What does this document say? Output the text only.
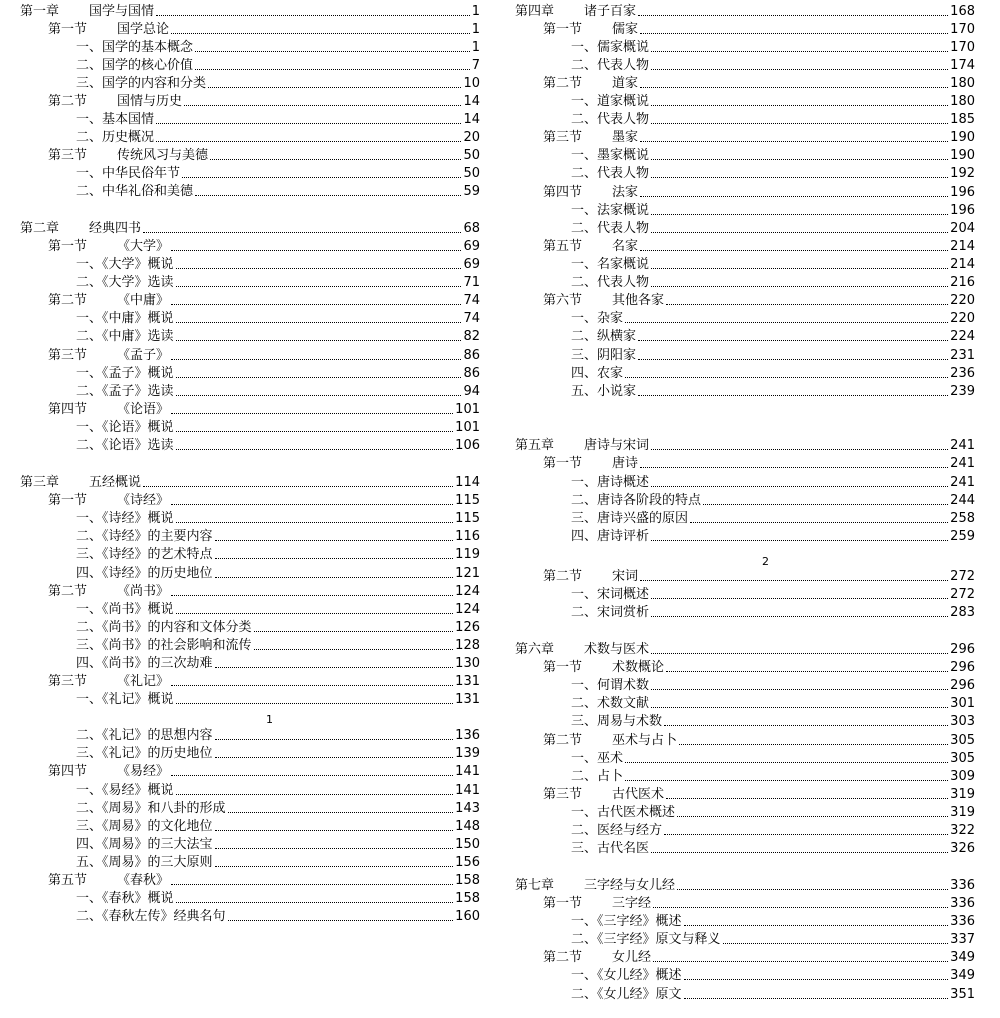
第一章 国学与国情	1
第一节 国学总论	1
一、国学的基本概念	1
二、国学的核心价值	7
三、国学的内容和分类	10
第二节 国情与历史	14
一、基本国情	14
二、历史概况	20
第三节 传统风习与美德	50
一、中华民俗年节	50
二、中华礼俗和美德	59
第二章 经典四书	68
第一节 《大学》	69
一、《大学》概说	69
二、《大学》选读	71
第二节 《中庸》	74
一、《中庸》概说	74
二、《中庸》选读	82
第三节 《孟子》	86
一、《孟子》概说	86
二、《孟子》选读	94
第四节 《论语》	101
一、《论语》概说	101
二、《论语》选读	106
第三章 五经概说	114
第一节 《诗经》	115
一、《诗经》概说	115
二、《诗经》的主要内容	116
三、《诗经》的艺术特点	119
四、《诗经》的历史地位	121
第二节 《尚书》	124
一、《尚书》概说	124
二、《尚书》的内容和文体分类	126
三、《尚书》的社会影响和流传	128
四、《尚书》的三次劫难	130
第三节 《礼记》	131
一、《礼记》概说	131
二、《礼记》的思想内容	136
三、《礼记》的历史地位	139
第四节 《易经》	141
一、《易经》概说	141
二、《周易》和八卦的形成	143
三、《周易》的文化地位	148
四、《周易》的三大法宝	150
五、《周易》的三大原则	156
第五节 《春秋》	158
一、《春秋》概说	158
二、《春秋左传》经典名句	160
第四章 诸子百家	168
第一节 儒家	170
一、儒家概说	170
二、代表人物	174
第二节 道家	180
一、道家概说	180
二、代表人物	185
第三节 墨家	190
一、墨家概说	190
二、代表人物	192
第四节 法家	196
一、法家概说	196
二、代表人物	204
第五节 名家	214
一、名家概说	214
二、代表人物	216
第六节 其他各家	220
一、杂家	220
二、纵横家	224
三、阴阳家	231
四、农家	236
五、小说家	239
第五章 唐诗与宋词	241
第一节 唐诗	241
一、唐诗概述	241
二、唐诗各阶段的特点	244
三、唐诗兴盛的原因	258
四、唐诗评析	259
第二节 宋词	272
一、宋词概述	272
二、宋词赏析	283
第六章 术数与医术	296
第一节 术数概论	296
一、何谓术数	296
二、术数文献	301
三、周易与术数	303
第二节 巫术与占卜	305
一、巫术	305
二、占卜	309
第三节 古代医术	319
一、古代医术概述	319
二、医经与经方	322
三、古代名医	326
第七章 三字经与女儿经	336
第一节 三字经	336
一、《三字经》概述	336
二、《三字经》原文与释义	337
第二节 女儿经	349
一、《女儿经》概述	349
二、《女儿经》原文	351
1
2
